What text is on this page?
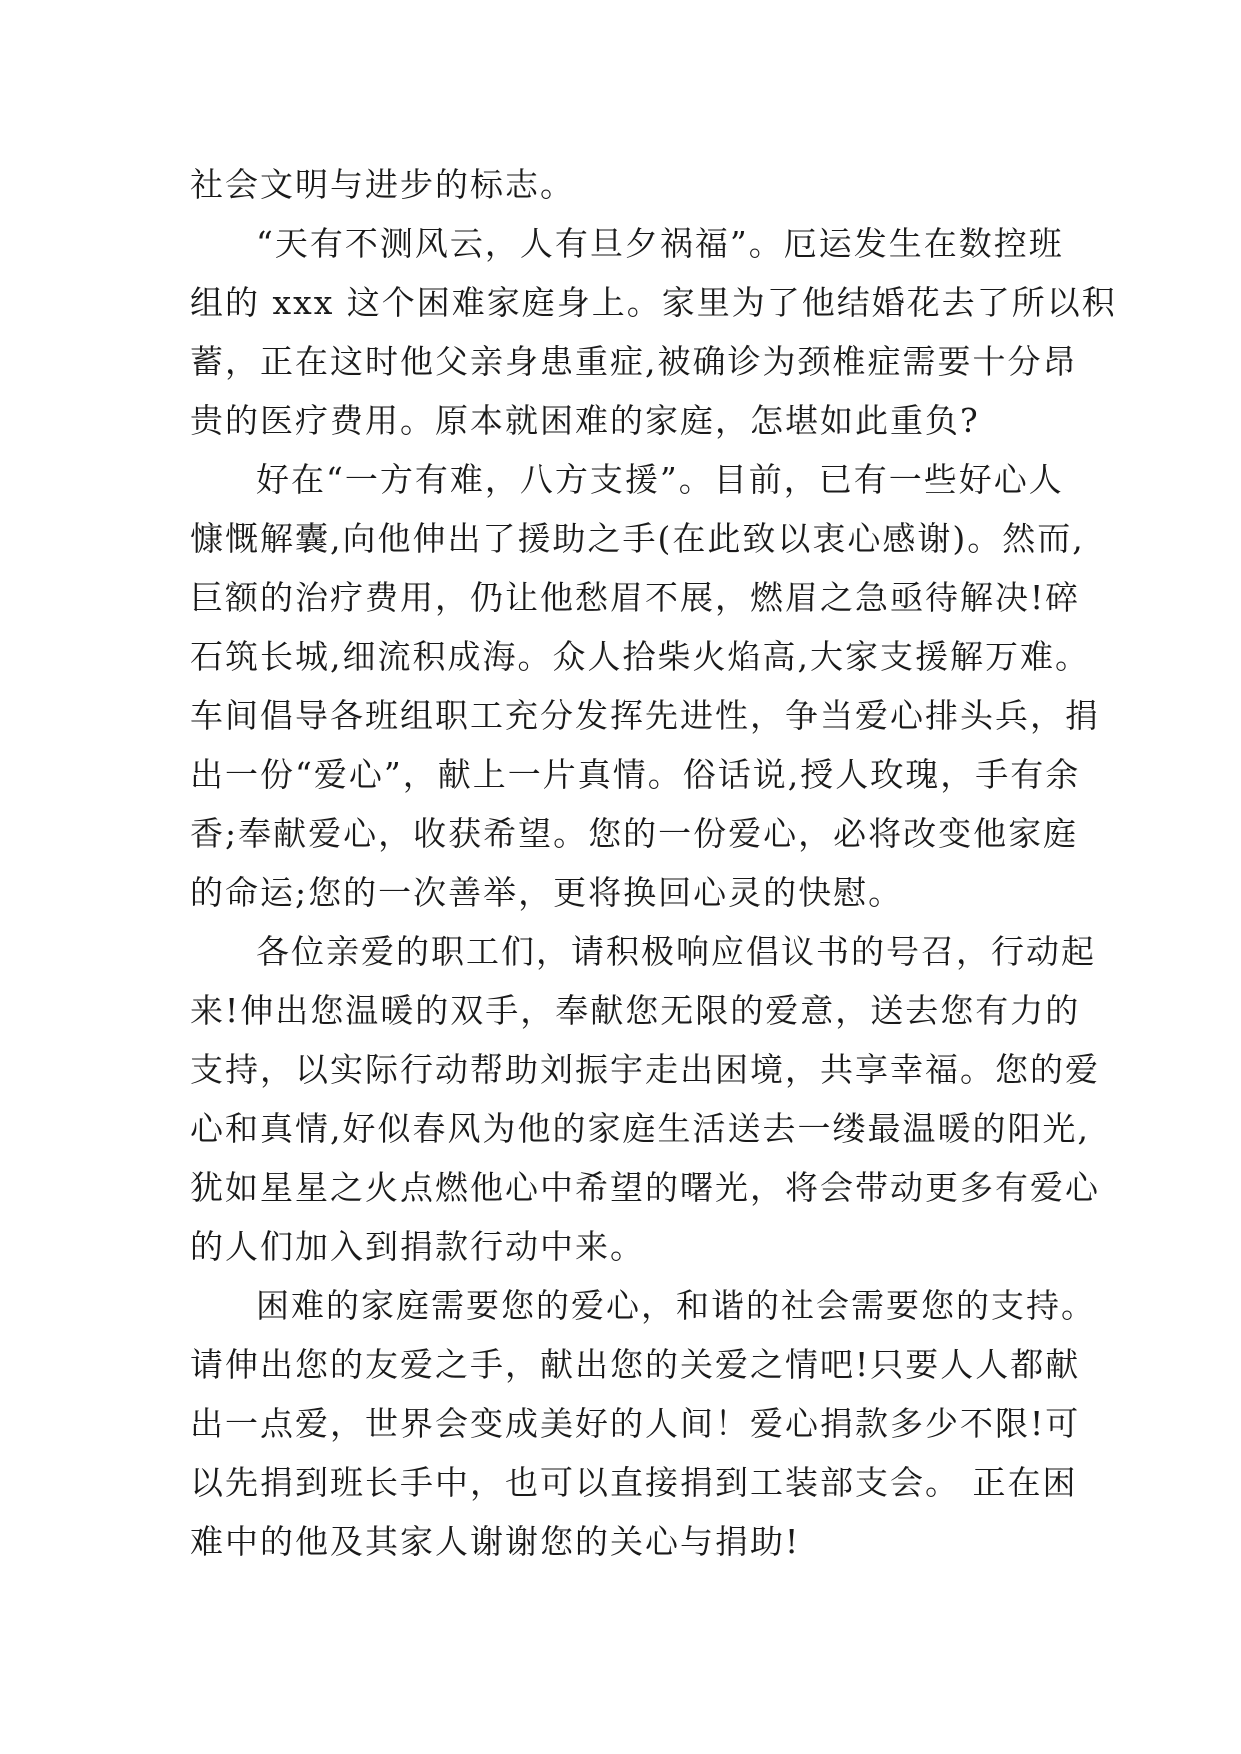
社会文明与进步的标志。
“天有不测风云，人有旦夕祸福”。厄运发生在数控班
组的 xxx 这个困难家庭身上。家里为了他结婚花去了所以积
蓄，正在这时他父亲身患重症,被确诊为颈椎症需要十分昂
贵的医疗费用。原本就困难的家庭，怎堪如此重负?
好在“一方有难，八方支援”。目前，已有一些好心人
慷慨解囊,向他伸出了援助之手(在此致以衷心感谢)。然而,
巨额的治疗费用，仍让他愁眉不展，燃眉之急亟待解决!碎
石筑长城,细流积成海。众人拾柴火焰高,大家支援解万难。
车间倡导各班组职工充分发挥先进性，争当爱心排头兵，捐
出一份“爱心”，献上一片真情。俗话说,授人玫瑰，手有余
香;奉献爱心，收获希望。您的一份爱心，必将改变他家庭
的命运;您的一次善举，更将换回心灵的快慰。
各位亲爱的职工们，请积极响应倡议书的号召，行动起
来!伸出您温暖的双手，奉献您无限的爱意，送去您有力的
支持，以实际行动帮助刘振宇走出困境，共享幸福。您的爱
心和真情,好似春风为他的家庭生活送去一缕最温暖的阳光,
犹如星星之火点燃他心中希望的曙光，将会带动更多有爱心
的人们加入到捐款行动中来。
困难的家庭需要您的爱心，和谐的社会需要您的支持。
请伸出您的友爱之手，献出您的关爱之情吧!只要人人都献
出一点爱，世界会变成美好的人间！爱心捐款多少不限!可
以先捐到班长手中，也可以直接捐到工装部支会。 正在困
难中的他及其家人谢谢您的关心与捐助!
